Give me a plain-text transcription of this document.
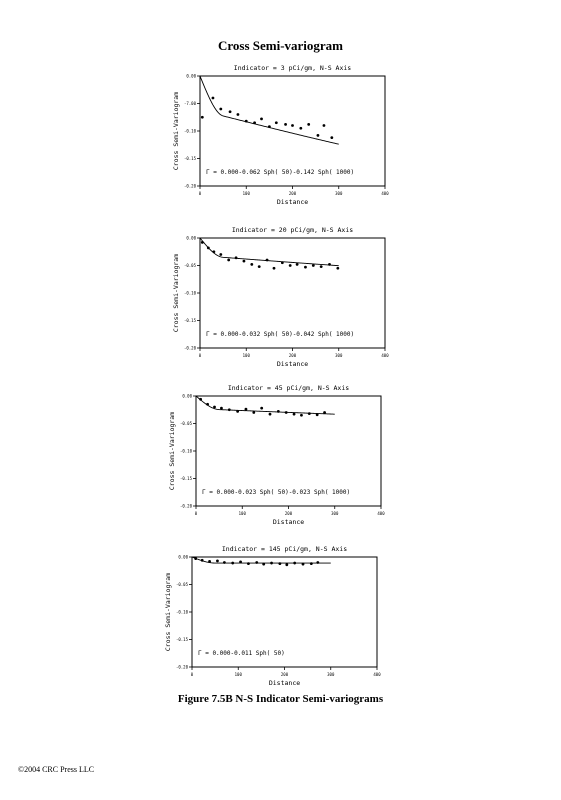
Cross Semi-variogram
Indicator = 3 pCi/gm, N-S Axis
0	100	200	300	400
0.00
-7.00
-0.10
-0.15
-0.20
Distance
Cross Semi-Variogram
Γ = 0.000-0.062 Sph( 50)-0.142 Sph( 1000)
Indicator = 20 pCi/gm, N-S Axis
0	100	200	300	400
0.00
-0.05
-0.10
-0.15
-0.20
Distance
Cross Semi-Variogram
Γ = 0.000-0.032 Sph( 50)-0.042 Sph( 1000)
Indicator = 45 pCi/gm, N-S Axis
0	100	200	300	400
0.00
-0.05
-0.10
-0.15
-0.20
Distance
Cross Semi-Variogram
Γ = 0.000-0.023 Sph( 50)-0.023 Sph( 1000)
Indicator = 145 pCi/gm, N-S Axis
0	100	200	300	400
0.00
-0.05
-0.10
-0.15
-0.20
Distance
Cross Semi-Variogram
Γ = 0.000-0.011 Sph( 50)
Figure 7.5B N-S Indicator Semi-variograms
©2004 CRC Press LLC
